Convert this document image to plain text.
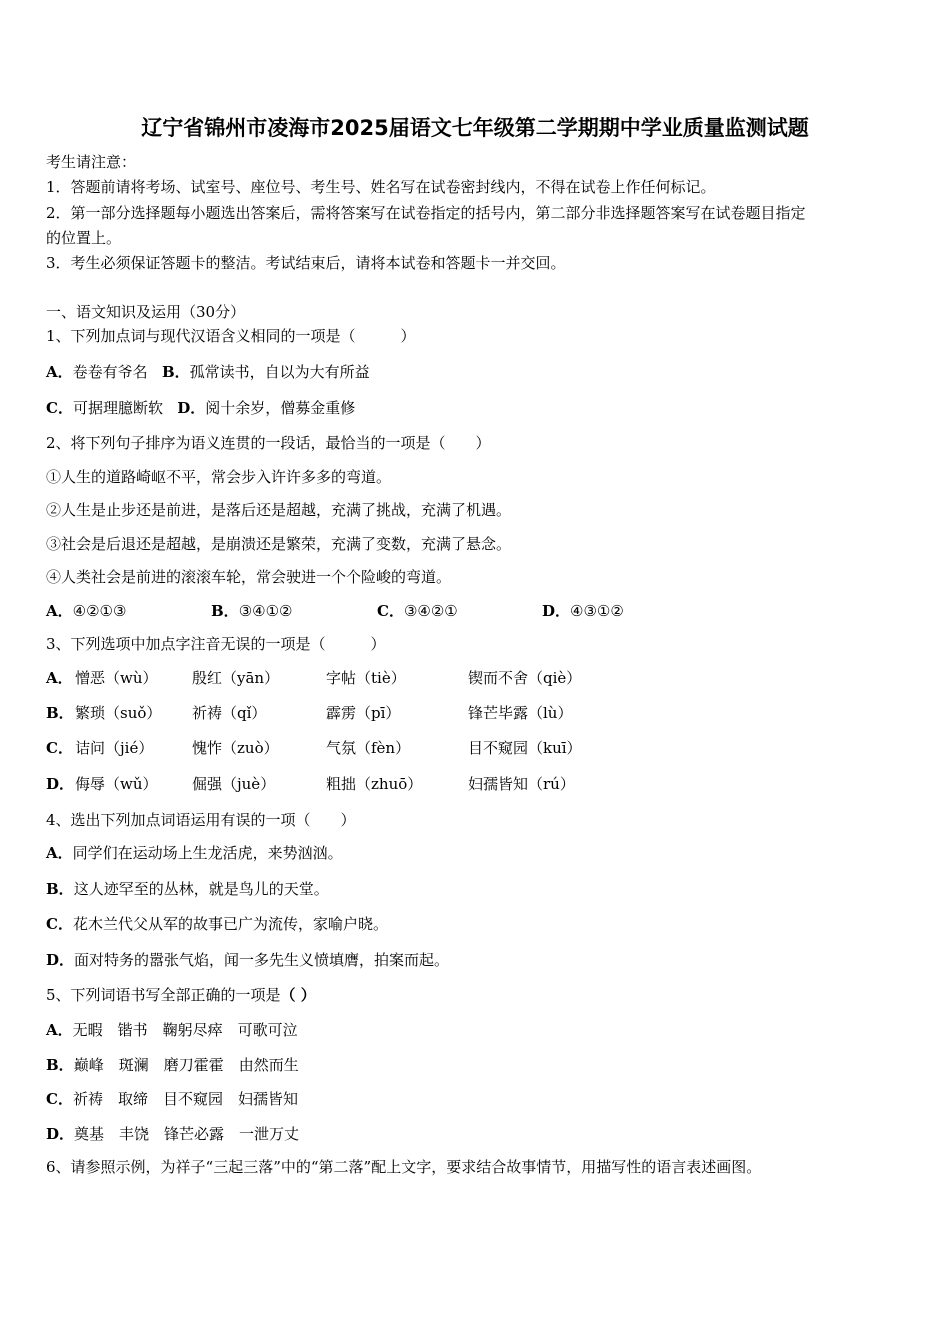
辽宁省锦州市凌海市2025届语文七年级第二学期期中学业质量监测试题
考生请注意：
1．答题前请将考场、试室号、座位号、考生号、姓名写在试卷密封线内，不得在试卷上作任何标记。
2．第一部分选择题每小题选出答案后，需将答案写在试卷指定的括号内，第二部分非选择题答案写在试卷题目指定
的位置上。
3．考生必须保证答题卡的整洁。考试结束后，请将本试卷和答题卡一并交回。
一、语文知识及运用（30分）
1、下列加点词与现代汉语含义相同的一项是（　　　）
A．卷卷有爷名 B．孤常读书，自以为大有所益
C．可据理臆断软 D．阅十余岁，僧募金重修
2、将下列句子排序为语义连贯的一段话，最恰当的一项是（　　）
①人生的道路崎岖不平，常会步入许许多多的弯道。
②人生是止步还是前进，是落后还是超越，充满了挑战，充满了机遇。
③社会是后退还是超越，是崩溃还是繁荣，充满了变数，充满了悬念。
④人类社会是前进的滚滚车轮，常会驶进一个个险峻的弯道。
A．④②①③	B．③④①②	C．③④②①	D．④③①②
3、下列选项中加点字注音无误的一项是（　　　）
A． 憎恶（wù） 殷红（yān）	字帖（tiè）	锲而不舍（qiè）
B． 繁琐（suǒ） 祈祷（qǐ）	霹雳（pī）	锋芒毕露（lù）
C． 诘问（jié）	愧怍（zuò）	气氛（fèn）	目不窥园（kuī）
D． 侮辱（wǔ） 倔强（juè）	粗拙（zhuō）	妇孺皆知（rú）
4、选出下列加点词语运用有误的一项（　　）
A．同学们在运动场上生龙活虎，来势汹汹。
B．这人迹罕至的丛林，就是鸟儿的天堂。
C．花木兰代父从军的故事已广为流传，家喻户晓。
D．面对特务的嚣张气焰，闻一多先生义愤填膺，拍案而起。
5、下列词语书写全部正确的一项是（ ）
A．无暇　锴书　鞠躬尽瘁　可歌可泣
B．巅峰　斑澜　磨刀霍霍　由然而生
C．祈祷　取缔　目不窥园　妇孺皆知
D．奠基　丰饶　锋芒必露　一泄万丈
6、请参照示例，为祥子“三起三落”中的“第二落”配上文字，要求结合故事情节，用描写性的语言表述画图。
